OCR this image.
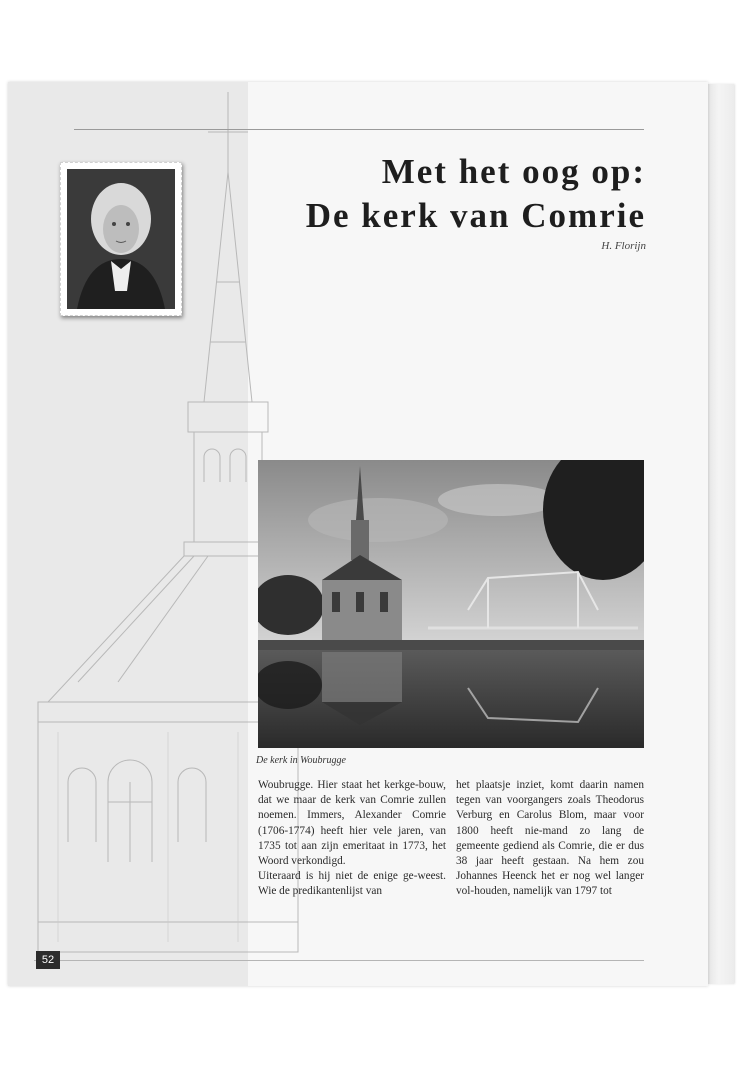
Met het oog op:
De kerk van Comrie
H. Florijn
De kerk in Woubrugge

Woubrugge. Hier staat het kerkge-bouw, dat we maar de kerk van Comrie zullen noemen. Immers, Alexander Comrie (1706-1774) heeft hier vele jaren, van 1735 tot aan zijn emeritaat in 1773, het Woord verkondigd.

Uiteraard is hij niet de enige ge-weest. Wie de predikantenlijst van

het plaatsje inziet, komt daarin namen tegen van voorgangers zoals Theodorus Verburg en Carolus Blom, maar voor 1800 heeft nie-mand zo lang de gemeente gediend als Comrie, die er dus 38 jaar heeft gestaan. Na hem zou Johannes Heenck het er nog wel langer vol-houden, namelijk van 1797 tot

52
